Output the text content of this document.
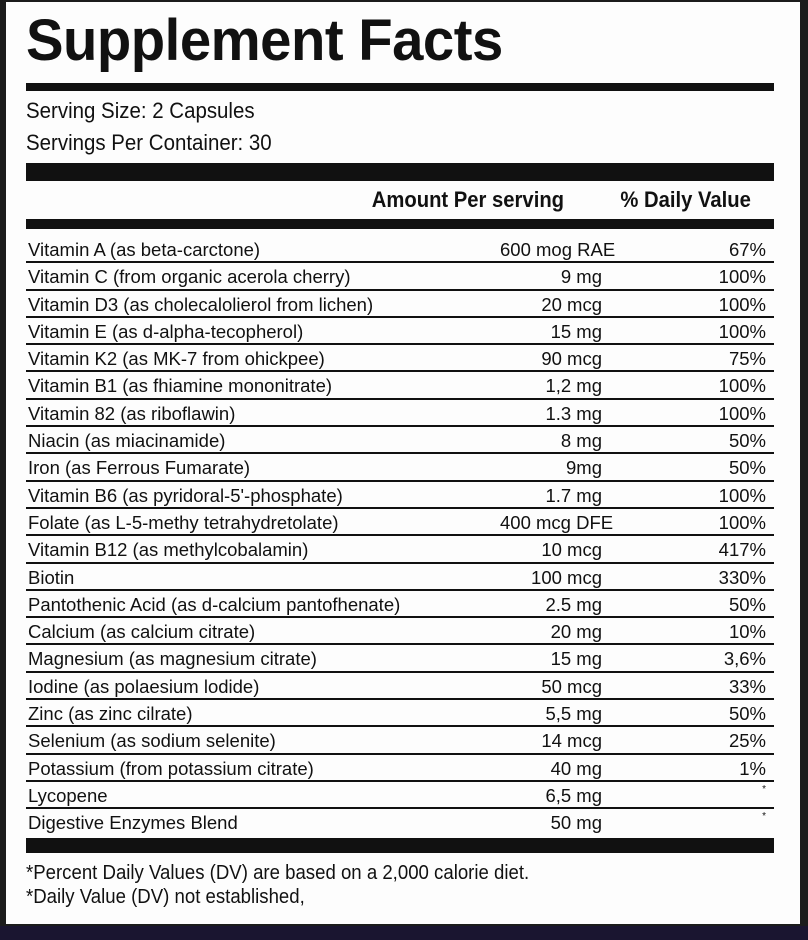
Supplement Facts
Serving Size: 2 Capsules
Servings Per Container: 30
Amount Per serving	% Daily Value
Vitamin A (as beta-carctone)	600 mog RAE	67%
Vitamin C (from organic acerola cherry)	9 mg	100%
Vitamin D3 (as cholecalolierol from lichen)	20 mcg	100%
Vitamin E (as d-alpha-tecopherol)	15 mg	100%
Vitamin K2 (as MK-7 from ohickpee)	90 mcg	75%
Vitamin B1 (as fhiamine mononitrate)	1,2 mg	100%
Vitamin 82 (as riboflawin)	1.3 mg	100%
Niacin (as miacinamide)	8 mg	50%
Iron (as Ferrous Fumarate)	9mg	50%
Vitamin B6 (as pyridoral-5'-phosphate)	1.7 mg	100%
Folate (as L-5-methy tetrahydretolate)	400 mcg DFE	100%
Vitamin B12 (as methylcobalamin)	10 mcg	417%
Biotin	100 mcg	330%
Pantothenic Acid (as d-calcium pantofhenate)	2.5 mg	50%
Calcium (as calcium citrate)	20 mg	10%
Magnesium (as magnesium citrate)	15 mg	3,6%
Iodine (as polaesium lodide)	50 mcg	33%
Zinc (as zinc cilrate)	5,5 mg	50%
Selenium (as sodium selenite)	14 mcg	25%
Potassium (from potassium citrate)	40 mg	1%
Lycopene	6,5 mg	*
Digestive Enzymes Blend	50 mg	*
*Percent Daily Values (DV) are based on a 2,000 calorie diet.
*Daily Value (DV) not established,
